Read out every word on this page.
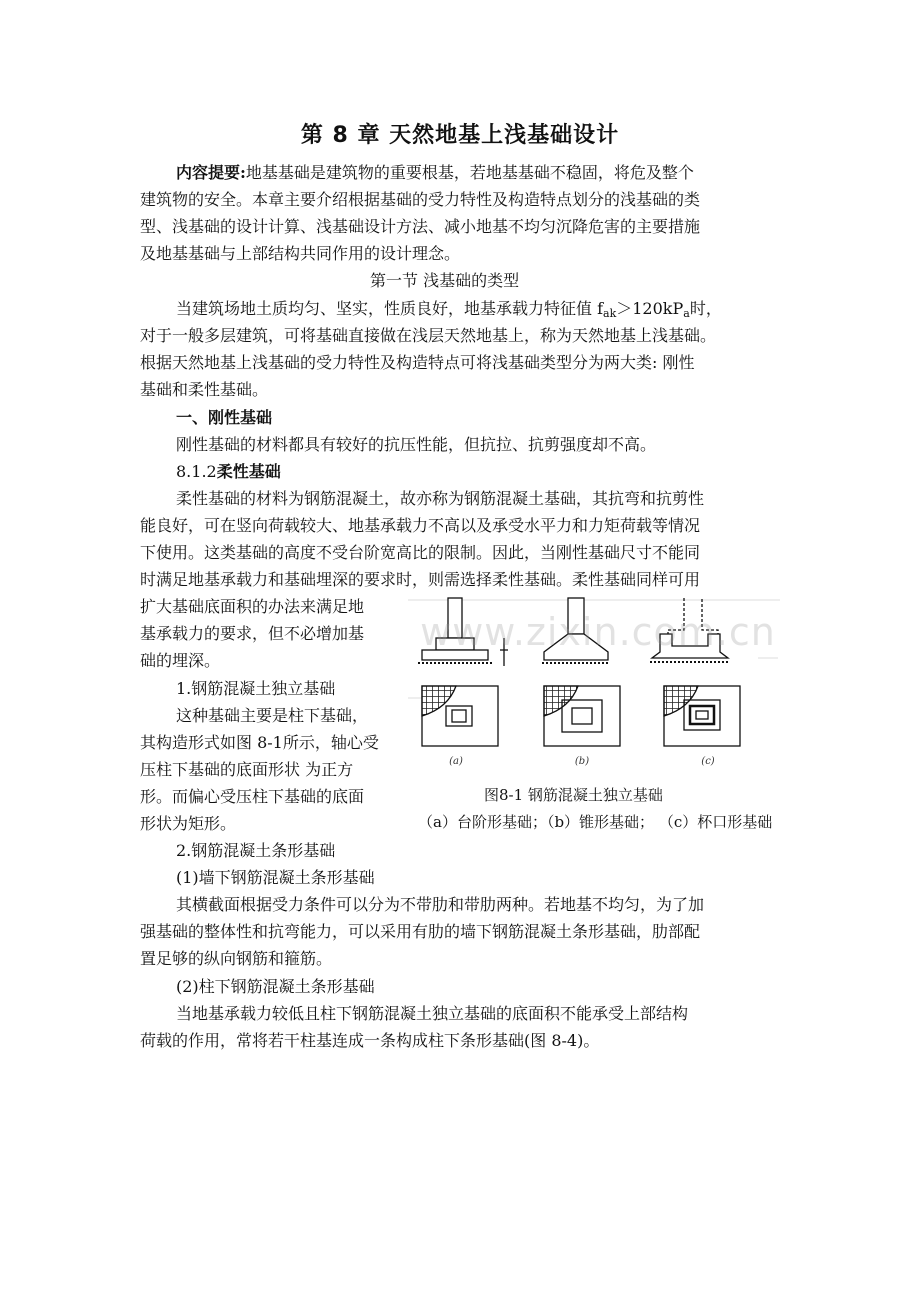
第 8 章 天然地基上浅基础设计
内容提要:地基基础是建筑物的重要根基，若地基基础不稳固，将危及整个
建筑物的安全。本章主要介绍根据基础的受力特性及构造特点划分的浅基础的类
型、浅基础的设计计算、浅基础设计方法、减小地基不均匀沉降危害的主要措施
及地基基础与上部结构共同作用的设计理念。
第一节 浅基础的类型
当建筑场地土质均匀、坚实，性质良好，地基承载力特征值 $f_{ak}>120kP_a$时，
对于一般多层建筑，可将基础直接做在浅层天然地基上，称为天然地基上浅基础。
根据天然地基上浅基础的受力特性及构造特点可将浅基础类型分为两大类: 刚性
基础和柔性基础。
一、刚性基础
刚性基础的材料都具有较好的抗压性能，但抗拉、抗剪强度却不高。
8.1.2柔性基础
柔性基础的材料为钢筋混凝土，故亦称为钢筋混凝土基础，其抗弯和抗剪性
能良好，可在竖向荷载较大、地基承载力不高以及承受水平力和力矩荷载等情况
下使用。这类基础的高度不受台阶宽高比的限制。因此，当刚性基础尺寸不能同
时满足地基承载力和基础埋深的要求时，则需选择柔性基础。柔性基础同样可用
扩大基础底面积的办法来满足地
基承载力的要求，但不必增加基
础的埋深。
1.钢筋混凝土独立基础
这种基础主要是柱下基础，
其构造形式如图 8-1所示，轴心受
压柱下基础的底面形状 为正方
形。而偏心受压柱下基础的底面
形状为矩形。
(a)	(b)	(c)
www.zixin.com.cn
图8-1 钢筋混凝土独立基础
（a）台阶形基础；（b）锥形基础； （c）杯口形基础
2.钢筋混凝土条形基础
(1)墙下钢筋混凝土条形基础
其横截面根据受力条件可以分为不带肋和带肋两种。若地基不均匀，为了加
强基础的整体性和抗弯能力，可以采用有肋的墙下钢筋混凝土条形基础，肋部配
置足够的纵向钢筋和箍筋。
(2)柱下钢筋混凝土条形基础
当地基承载力较低且柱下钢筋混凝土独立基础的底面积不能承受上部结构
荷载的作用，常将若干柱基连成一条构成柱下条形基础(图 8-4)。
